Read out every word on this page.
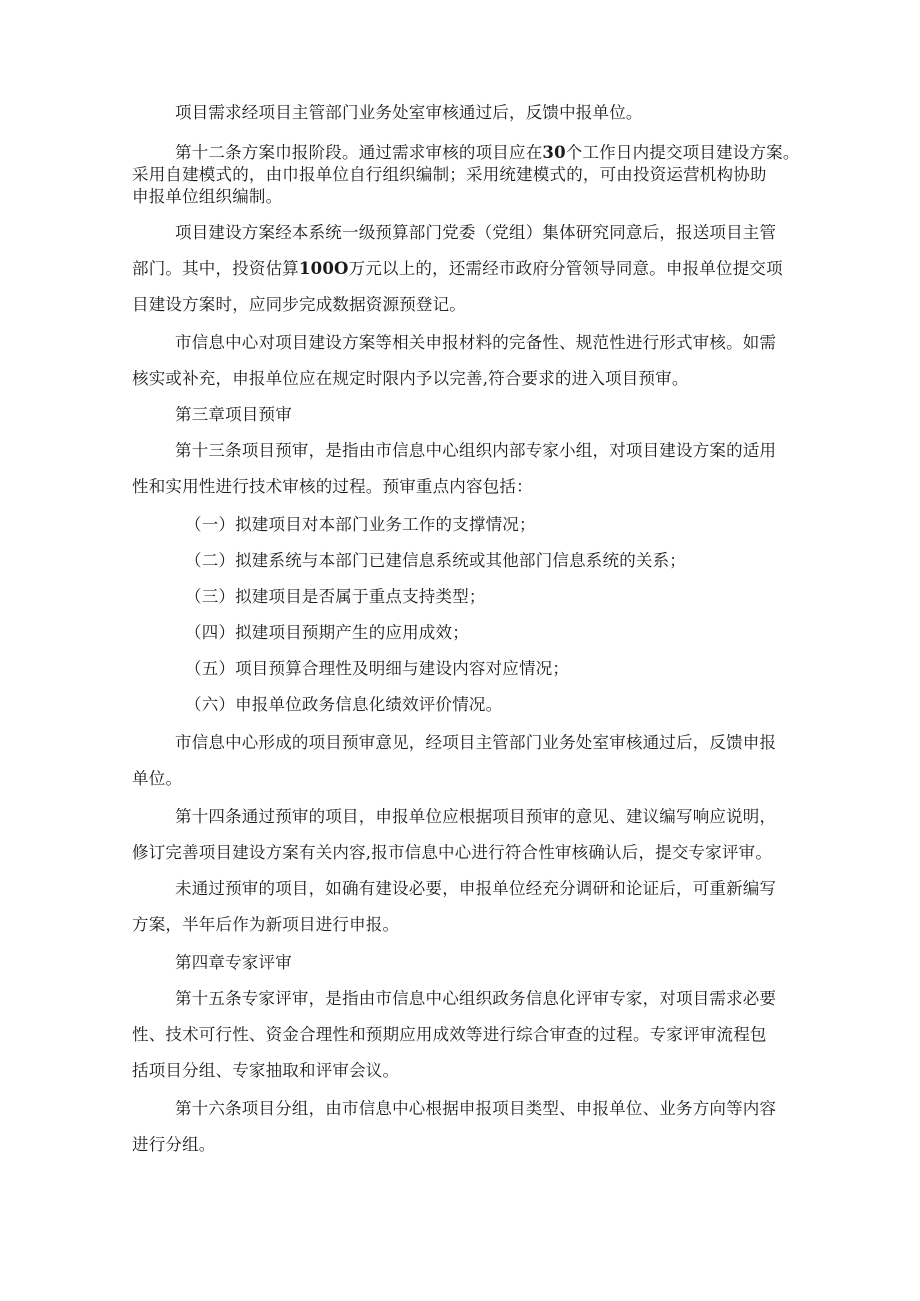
项目需求经项目主管部门业务处室审核通过后，反馈中报单位。

第十二条方案巾报阶段。通过需求审核的项目应在30个工作日内提交项目建设方案。

采用自建模式的，由巾报单位自行组织编制；采用统建模式的，可由投资运营机构协助

申报单位组织编制。

项目建设方案经本系统一级预算部门党委（党组）集体研究同意后，报送项目主管

部门。其中，投资估算100O万元以上的，还需经市政府分管领导同意。申报单位提交项

目建设方案时，应同步完成数据资源预登记。

市信息中心对项目建设方案等相关申报材料的完备性、规范性进行形式审核。如需

核实或补充，申报单位应在规定时限内予以完善,符合要求的进入项目预审。

第三章项目预审

第十三条项目预审，是指由市信息中心组织内部专家小组，对项目建设方案的适用

性和实用性进行技术审核的过程。预审重点内容包括：

（一）拟建项目对本部门业务工作的支撑情况；

（二）拟建系统与本部门已建信息系统或其他部门信息系统的关系；

（三）拟建项目是否属于重点支持类型；

（四）拟建项目预期产生的应用成效；

（五）项目预算合理性及明细与建设内容对应情况；

（六）申报单位政务信息化绩效评价情况。

市信息中心形成的项目预审意见，经项目主管部门业务处室审核通过后，反馈申报

单位。

第十四条通过预审的项目，申报单位应根据项目预审的意见、建议编写响应说明，

修订完善项目建设方案有关内容,报市信息中心进行符合性审核确认后，提交专家评审。

未通过预审的项目，如确有建设必要，申报单位经充分调研和论证后，可重新编写

方案，半年后作为新项目进行申报。

第四章专家评审

第十五条专家评审，是指由市信息中心组织政务信息化评审专家，对项目需求必要

性、技术可行性、资金合理性和预期应用成效等进行综合审查的过程。专家评审流程包

括项目分组、专家抽取和评审会议。

第十六条项目分组，由市信息中心根据申报项目类型、申报单位、业务方向等内容

进行分组。
